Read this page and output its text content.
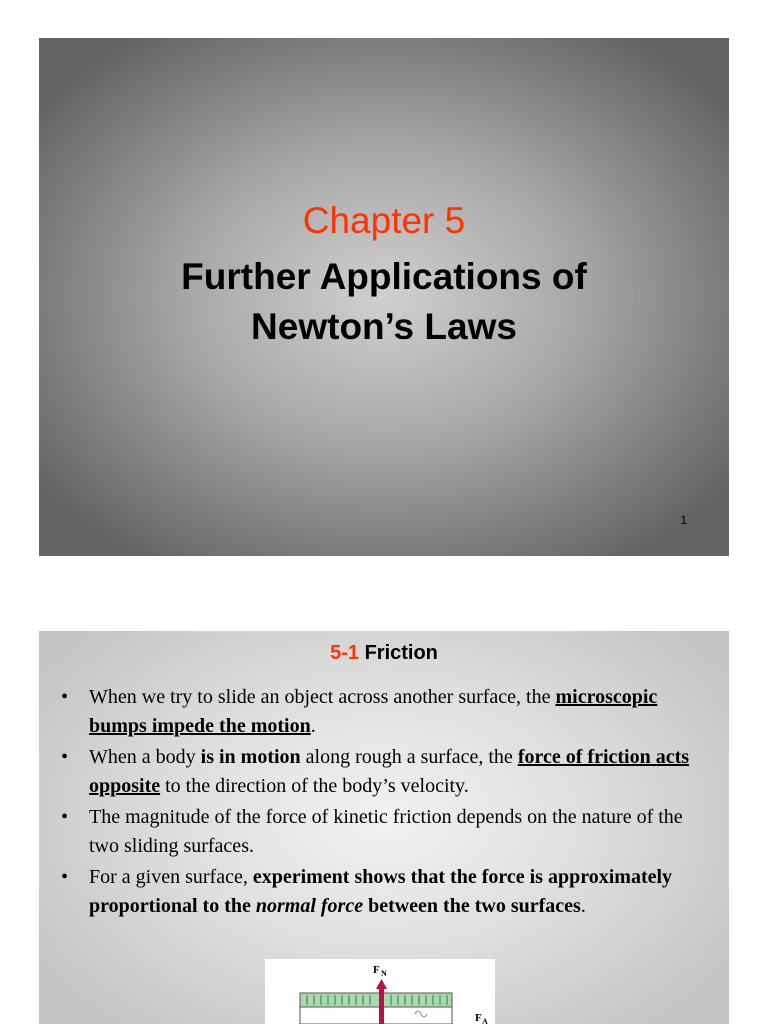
Chapter 5
Further Applications of
Newton’s Laws
1
5-1 Friction
• When we try to slide an object across another surface, the microscopic bumps impede the motion.
• When a body is in motion along rough a surface, the force of friction acts opposite to the direction of the body’s velocity.
• The magnitude of the force of kinetic friction depends on the nature of the two sliding surfaces.
• For a given surface, experiment shows that the force is approximately proportional to the normal force between the two surfaces.
F N
F A
